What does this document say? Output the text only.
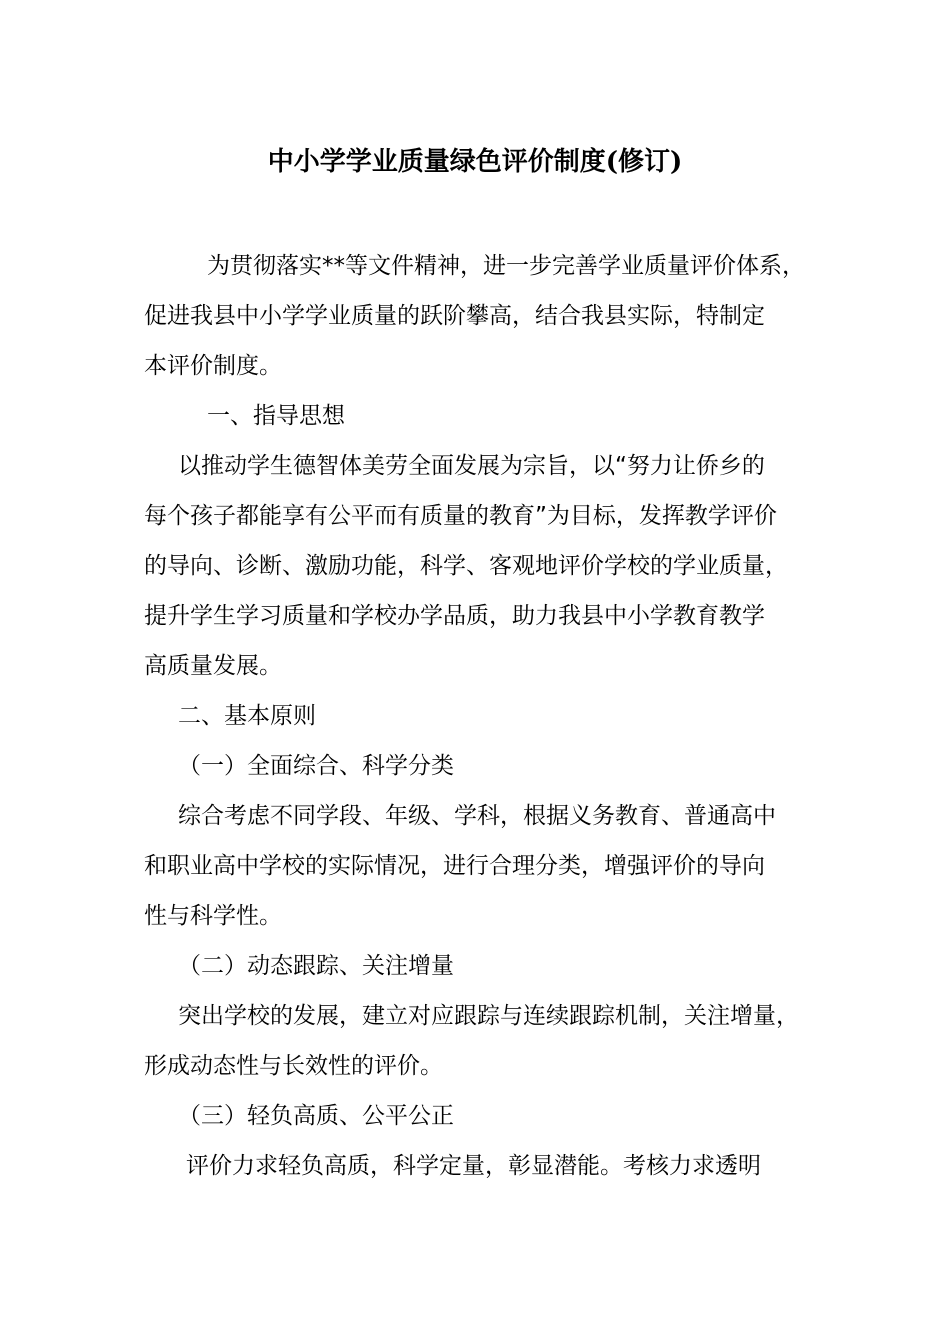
中小学学业质量绿色评价制度(修订)

为贯彻落实**等文件精神，进一步完善学业质量评价体系，

促进我县中小学学业质量的跃阶攀高，结合我县实际，特制定

本评价制度。

一、指导思想

以推动学生德智体美劳全面发展为宗旨，以“努力让侨乡的

每个孩子都能享有公平而有质量的教育”为目标，发挥教学评价

的导向、诊断、激励功能，科学、客观地评价学校的学业质量，

提升学生学习质量和学校办学品质，助力我县中小学教育教学

高质量发展。

二、基本原则

（一）全面综合、科学分类

综合考虑不同学段、年级、学科，根据义务教育、普通高中

和职业高中学校的实际情况，进行合理分类，增强评价的导向

性与科学性。

（二）动态跟踪、关注增量

突出学校的发展，建立对应跟踪与连续跟踪机制，关注增量，

形成动态性与长效性的评价。

（三）轻负高质、公平公正

评价力求轻负高质，科学定量，彰显潜能。考核力求透明
